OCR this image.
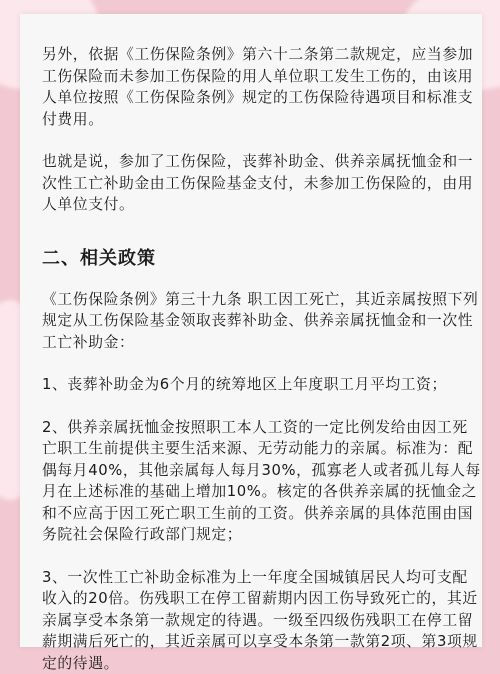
另外，依据《工伤保险条例》第六十二条第二款规定，应当参加工伤保险而未参加工伤保险的用人单位职工发生工伤的，由该用人单位按照《工伤保险条例》规定的工伤保险待遇项目和标准支付费用。

也就是说，参加了工伤保险，丧葬补助金、供养亲属抚恤金和一次性工亡补助金由工伤保险基金支付，未参加工伤保险的，由用人单位支付。

二、相关政策

《工伤保险条例》第三十九条 职工因工死亡，其近亲属按照下列规定从工伤保险基金领取丧葬补助金、供养亲属抚恤金和一次性工亡补助金：

1、丧葬补助金为6个月的统筹地区上年度职工月平均工资；

2、供养亲属抚恤金按照职工本人工资的一定比例发给由因工死亡职工生前提供主要生活来源、无劳动能力的亲属。标准为：配偶每月40%，其他亲属每人每月30%，孤寡老人或者孤儿每人每月在上述标准的基础上增加10%。核定的各供养亲属的抚恤金之和不应高于因工死亡职工生前的工资。供养亲属的具体范围由国务院社会保险行政部门规定；

3、一次性工亡补助金标准为上一年度全国城镇居民人均可支配收入的20倍。伤残职工在停工留薪期内因工伤导致死亡的，其近亲属享受本条第一款规定的待遇。一级至四级伤残职工在停工留薪期满后死亡的，其近亲属可以享受本条第一款第2项、第3项规定的待遇。
